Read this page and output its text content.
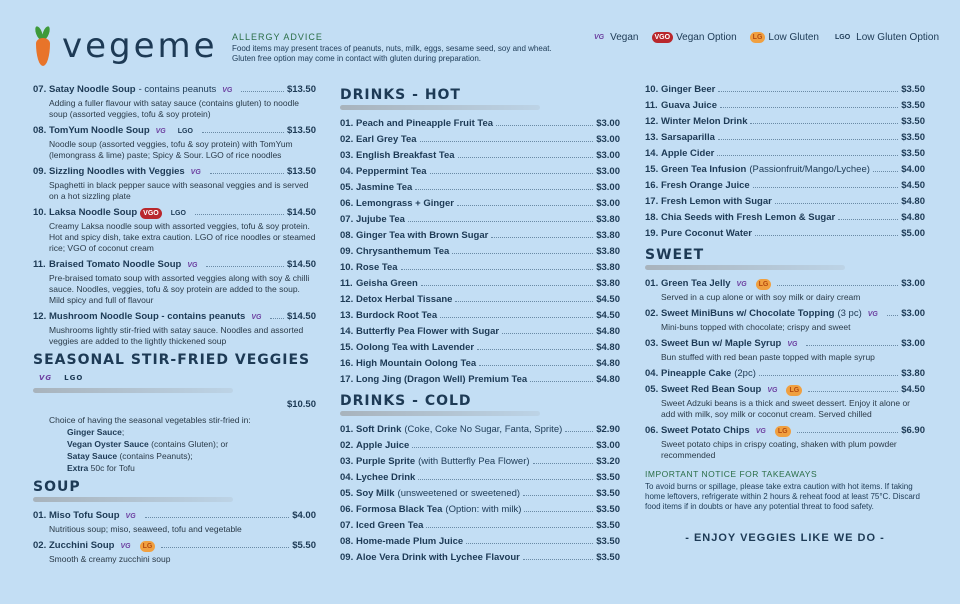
vegeme ALLERGY ADVICE
Food items may present traces of peanuts, nuts, milk, eggs, sesame seed, soy and wheat. Gluten free option may come in contact with gluten during preparation.
VG Vegan	VGO Vegan Option	LG Low Gluten	LGO Low Gluten Option
07. Satay Noodle Soup - contains peanuts VG	$13.50
Adding a fuller flavour with satay sauce (contains gluten) to noodle soup (assorted veggies, tofu & soy protein)
08. TomYum Noodle Soup VG	LGO	$13.50
Noodle soup (assorted veggies, tofu & soy protein) with TomYum (lemongrass & lime) paste; Spicy & Sour. LGO of rice noodles
09. Sizzling Noodles with Veggies VG	$13.50
Spaghetti in black pepper sauce with seasonal veggies and is served on a hot sizzling plate
10. Laksa Noodle Soup VGO	LGO	$14.50
Creamy Laksa noodle soup with assorted veggies, tofu & soy protein. Hot and spicy dish, take extra caution. LGO of rice noodles or steamed rice; VGO of coconut cream
11. Braised Tomato Noodle Soup VG	$14.50
Pre-braised tomato soup with assorted veggies along with soy & chilli sauce. Noodles, veggies, tofu & soy protein are added to the soup. Mild spicy and full of flavour
12. Mushroom Noodle Soup - contains peanuts VG	$14.50
Mushrooms lightly stir-fried with satay sauce. Noodles and assorted veggies are added to the lightly thickened soup
SEASONAL STIR-FRIED VEGGIESVG LGO
$10.50
Choice of having the seasonal vegetables stir-fried in:
Ginger Sauce;
Vegan Oyster Sauce (contains Gluten); or
Satay Sauce (contains Peanuts);
Extra 50c for Tofu
SOUP
01. Miso Tofu Soup VG	$4.00
Nutritious soup; miso, seaweed, tofu and vegetable
02. Zucchini Soup VG	LG	$5.50
Smooth & creamy zucchini soup
DRINKS - HOT
01. Peach and Pineapple Fruit Tea	$3.00
02. Earl Grey Tea	$3.00
03. English Breakfast Tea	$3.00
04. Peppermint Tea	$3.00
05. Jasmine Tea	$3.00
06. Lemongrass + Ginger	$3.00
07. Jujube Tea	$3.80
08. Ginger Tea with Brown Sugar	$3.80
09. Chrysanthemum Tea	$3.80
10. Rose Tea	$3.80
11. Geisha Green	$3.80
12. Detox Herbal Tissane	$4.50
13. Burdock Root Tea	$4.50
14. Butterfly Pea Flower with Sugar	$4.80
15. Oolong Tea with Lavender	$4.80
16. High Mountain Oolong Tea	$4.80
17. Long Jing (Dragon Well) Premium Tea	$4.80
DRINKS - COLD
01. Soft Drink (Coke, Coke No Sugar, Fanta, Sprite)	$2.90
02. Apple Juice	$3.00
03. Purple Sprite (with Butterfly Pea Flower)	$3.20
04. Lychee Drink	$3.50
05. Soy Milk (unsweetened or sweetened)	$3.50
06. Formosa Black Tea (Option: with milk)	$3.50
07. Iced Green Tea	$3.50
08. Home-made Plum Juice	$3.50
09. Aloe Vera Drink with Lychee Flavour	$3.50
10. Ginger Beer	$3.50
11. Guava Juice	$3.50
12. Winter Melon Drink	$3.50
13. Sarsaparilla	$3.50
14. Apple Cider	$3.50
15. Green Tea Infusion (Passionfruit/Mango/Lychee)	$4.00
16. Fresh Orange Juice	$4.50
17. Fresh Lemon with Sugar	$4.80
18. Chia Seeds with Fresh Lemon & Sugar	$4.80
19. Pure Coconut Water	$5.00
SWEET
01. Green Tea Jelly VG	LG	$3.00
Served in a cup alone or with soy milk or dairy cream
02. Sweet MiniBuns w/ Chocolate Topping (3 pc) VG	$3.00
Mini-buns topped with chocolate; crispy and sweet
03. Sweet Bun w/ Maple Syrup VG	$3.00
Bun stuffed with red bean paste topped with maple syrup
04. Pineapple Cake (2pc)	$3.80
05. Sweet Red Bean Soup VG	LG	$4.50
Sweet Adzuki beans is a thick and sweet dessert. Enjoy it alone or add with milk, soy milk or coconut cream. Served chilled
06. Sweet Potato Chips VG	LG	$6.90
Sweet potato chips in crispy coating, shaken with plum powder recommended
IMPORTANT NOTICE FOR TAKEAWAYS
To avoid burns or spillage, please take extra caution with hot items. If taking home leftovers, refrigerate within 2 hours & reheat food at least 75°C. Discard food items if in doubts or have any potential threat to food safety.
- ENJOY VEGGIES LIKE WE DO -
